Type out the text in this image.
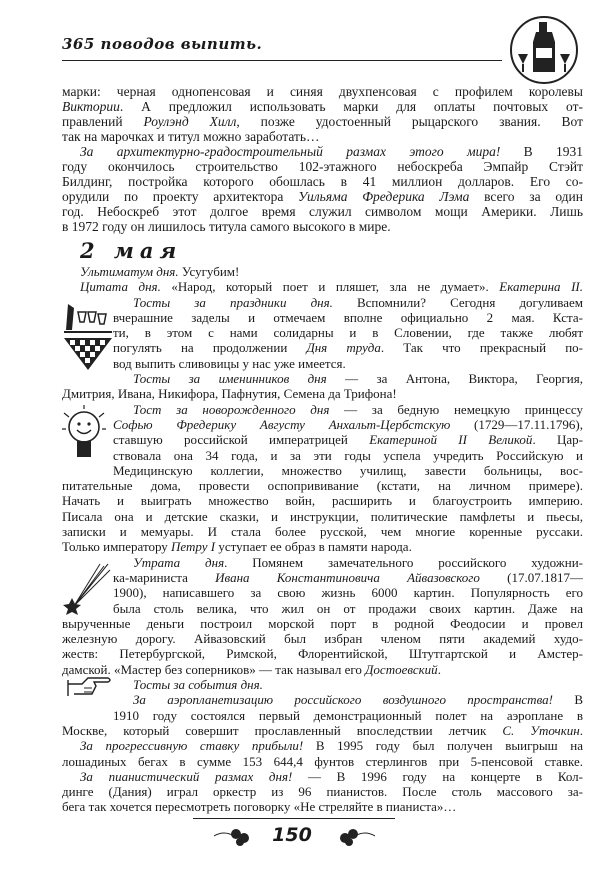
365 поводов выпить.
марки: черная однопенсовая и синяя двухпенсовая с профилем королевы
Виктории. А предложил использовать марки для оплаты почтовых от-
правлений Роулэнд Хилл, позже удостоенный рыцарского звания. Вот
так на марочках и титул можно заработать…
За архитектурно-градостроительный размах этого мира! В 1931
году окончилось строительство 102-этажного небоскреба Эмпайр Стэйт
Билдинг, постройка которого обошлась в 41 миллион долларов. Его со-
орудили по проекту архитектора Уильяма Фредерика Лэма всего за один
год. Небоскреб этот долгое время служил символом мощи Америки. Лишь
в 1972 году он лишилось титула самого высокого в мире.
2 мая
Ультиматум дня. Усугубим!
Цитата дня. «Народ, который поет и пляшет, зла не думает». Екатерина II.
Тосты за праздники дня. Вспомнили? Сегодня догуливаем
вчерашние заделы и отмечаем вполне официально 2 мая. Кста-
ти, в этом с нами солидарны и в Словении, где также любят
погулять на продолжении Дня труда. Так что прекрасный по-
вод выпить сливовицы у нас уже имеется.
Тосты за именинников дня — за Антона, Виктора, Георгия,
Дмитрия, Ивана, Никифора, Пафнутия, Семена да Трифона!
Тост за новорожденного дня — за бедную немецкую принцессу
Софью Фредерику Августу Анхальт-Цербстскую (1729—17.11.1796),
ставшую российской императрицей Екатериной II Великой. Цар-
ствовала она 34 года, и за эти годы успела учредить Российскую и
Медицинскую коллегии, множество училищ, завести больницы, вос-
питательные дома, провести оспопрививание (кстати, на личном примере).
Начать и выиграть множество войн, расширить и благоустроить империю.
Писала она и детские сказки, и инструкции, политические памфлеты и пьесы,
записки и мемуары. И стала более русской, чем многие коренные руссаки.
Только императору Петру I уступает ее образ в памяти народа.
Утрата дня. Помянем замечательного российского художни-
ка-мариниста Ивана Константиновича Айвазовского (17.07.1817—
1900), написавшего за свою жизнь 6000 картин. Популярность его
была столь велика, что жил он от продажи своих картин. Даже на
вырученные деньги построил морской порт в родной Феодосии и провел
железную дорогу. Айвазовский был избран членом пяти академий худо-
жеств: Петербургской, Римской, Флорентийской, Штутгартской и Амстер-
дамской. «Мастер без соперников» — так называл его Достоевский.
Тосты за события дня.
За аэропланетизацию российского воздушного пространства! В
1910 году состоялся первый демонстрационный полет на аэроплане в
Москве, который совершит прославленный впоследствии летчик С. Уточкин.
За прогрессивную ставку прибыли! В 1995 году был получен выигрыш на
лошадиных бегах в сумме 153 644,4 фунтов стерлингов при 5-пенсовой ставке.
За пианистический размах дня! — В 1996 году на концерте в Кол-
динге (Дания) играл оркестр из 96 пианистов. После столь массового за-
бега так хочется пересмотреть поговорку «Не стреляйте в пианиста»…
150
